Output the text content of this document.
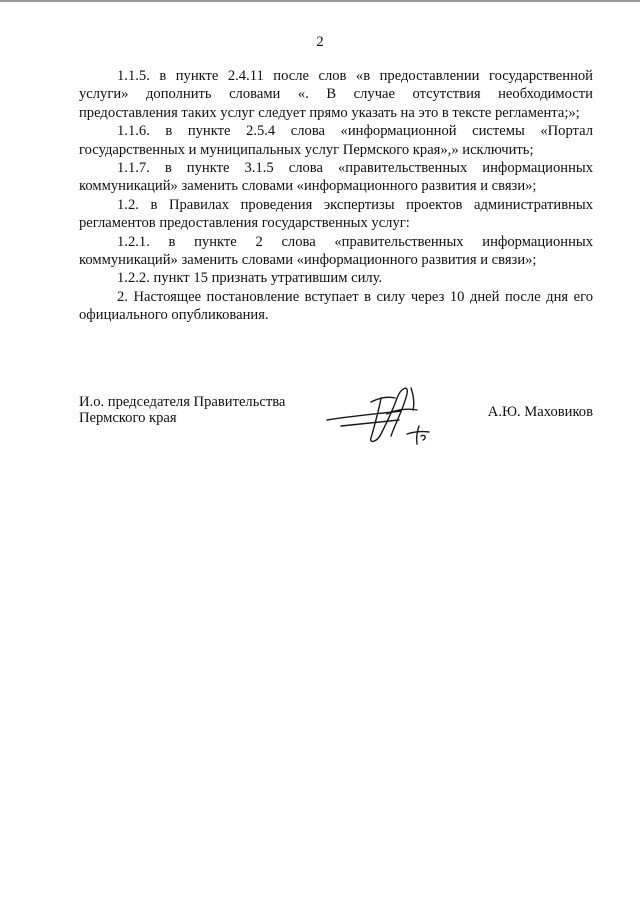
2

1.1.5. в пункте 2.4.11 после слов «в предоставлении государственной услуги» дополнить словами «. В случае отсутствия необходимости предоставления таких услуг следует прямо указать на это в тексте регламента;»;

1.1.6. в пункте 2.5.4 слова «информационной системы «Портал государственных и муниципальных услуг Пермского края»,» исключить;

1.1.7. в пункте 3.1.5 слова «правительственных информационных коммуникаций» заменить словами «информационного развития и связи»;

1.2. в Правилах проведения экспертизы проектов административных регламентов предоставления государственных услуг:

1.2.1. в пункте 2 слова «правительственных информационных коммуникаций» заменить словами «информационного развития и связи»;

1.2.2. пункт 15 признать утратившим силу.

2. Настоящее постановление вступает в силу через 10 дней после дня его официального опубликования.

И.о. председателя Правительства
Пермского края	А.Ю. Маховиков
